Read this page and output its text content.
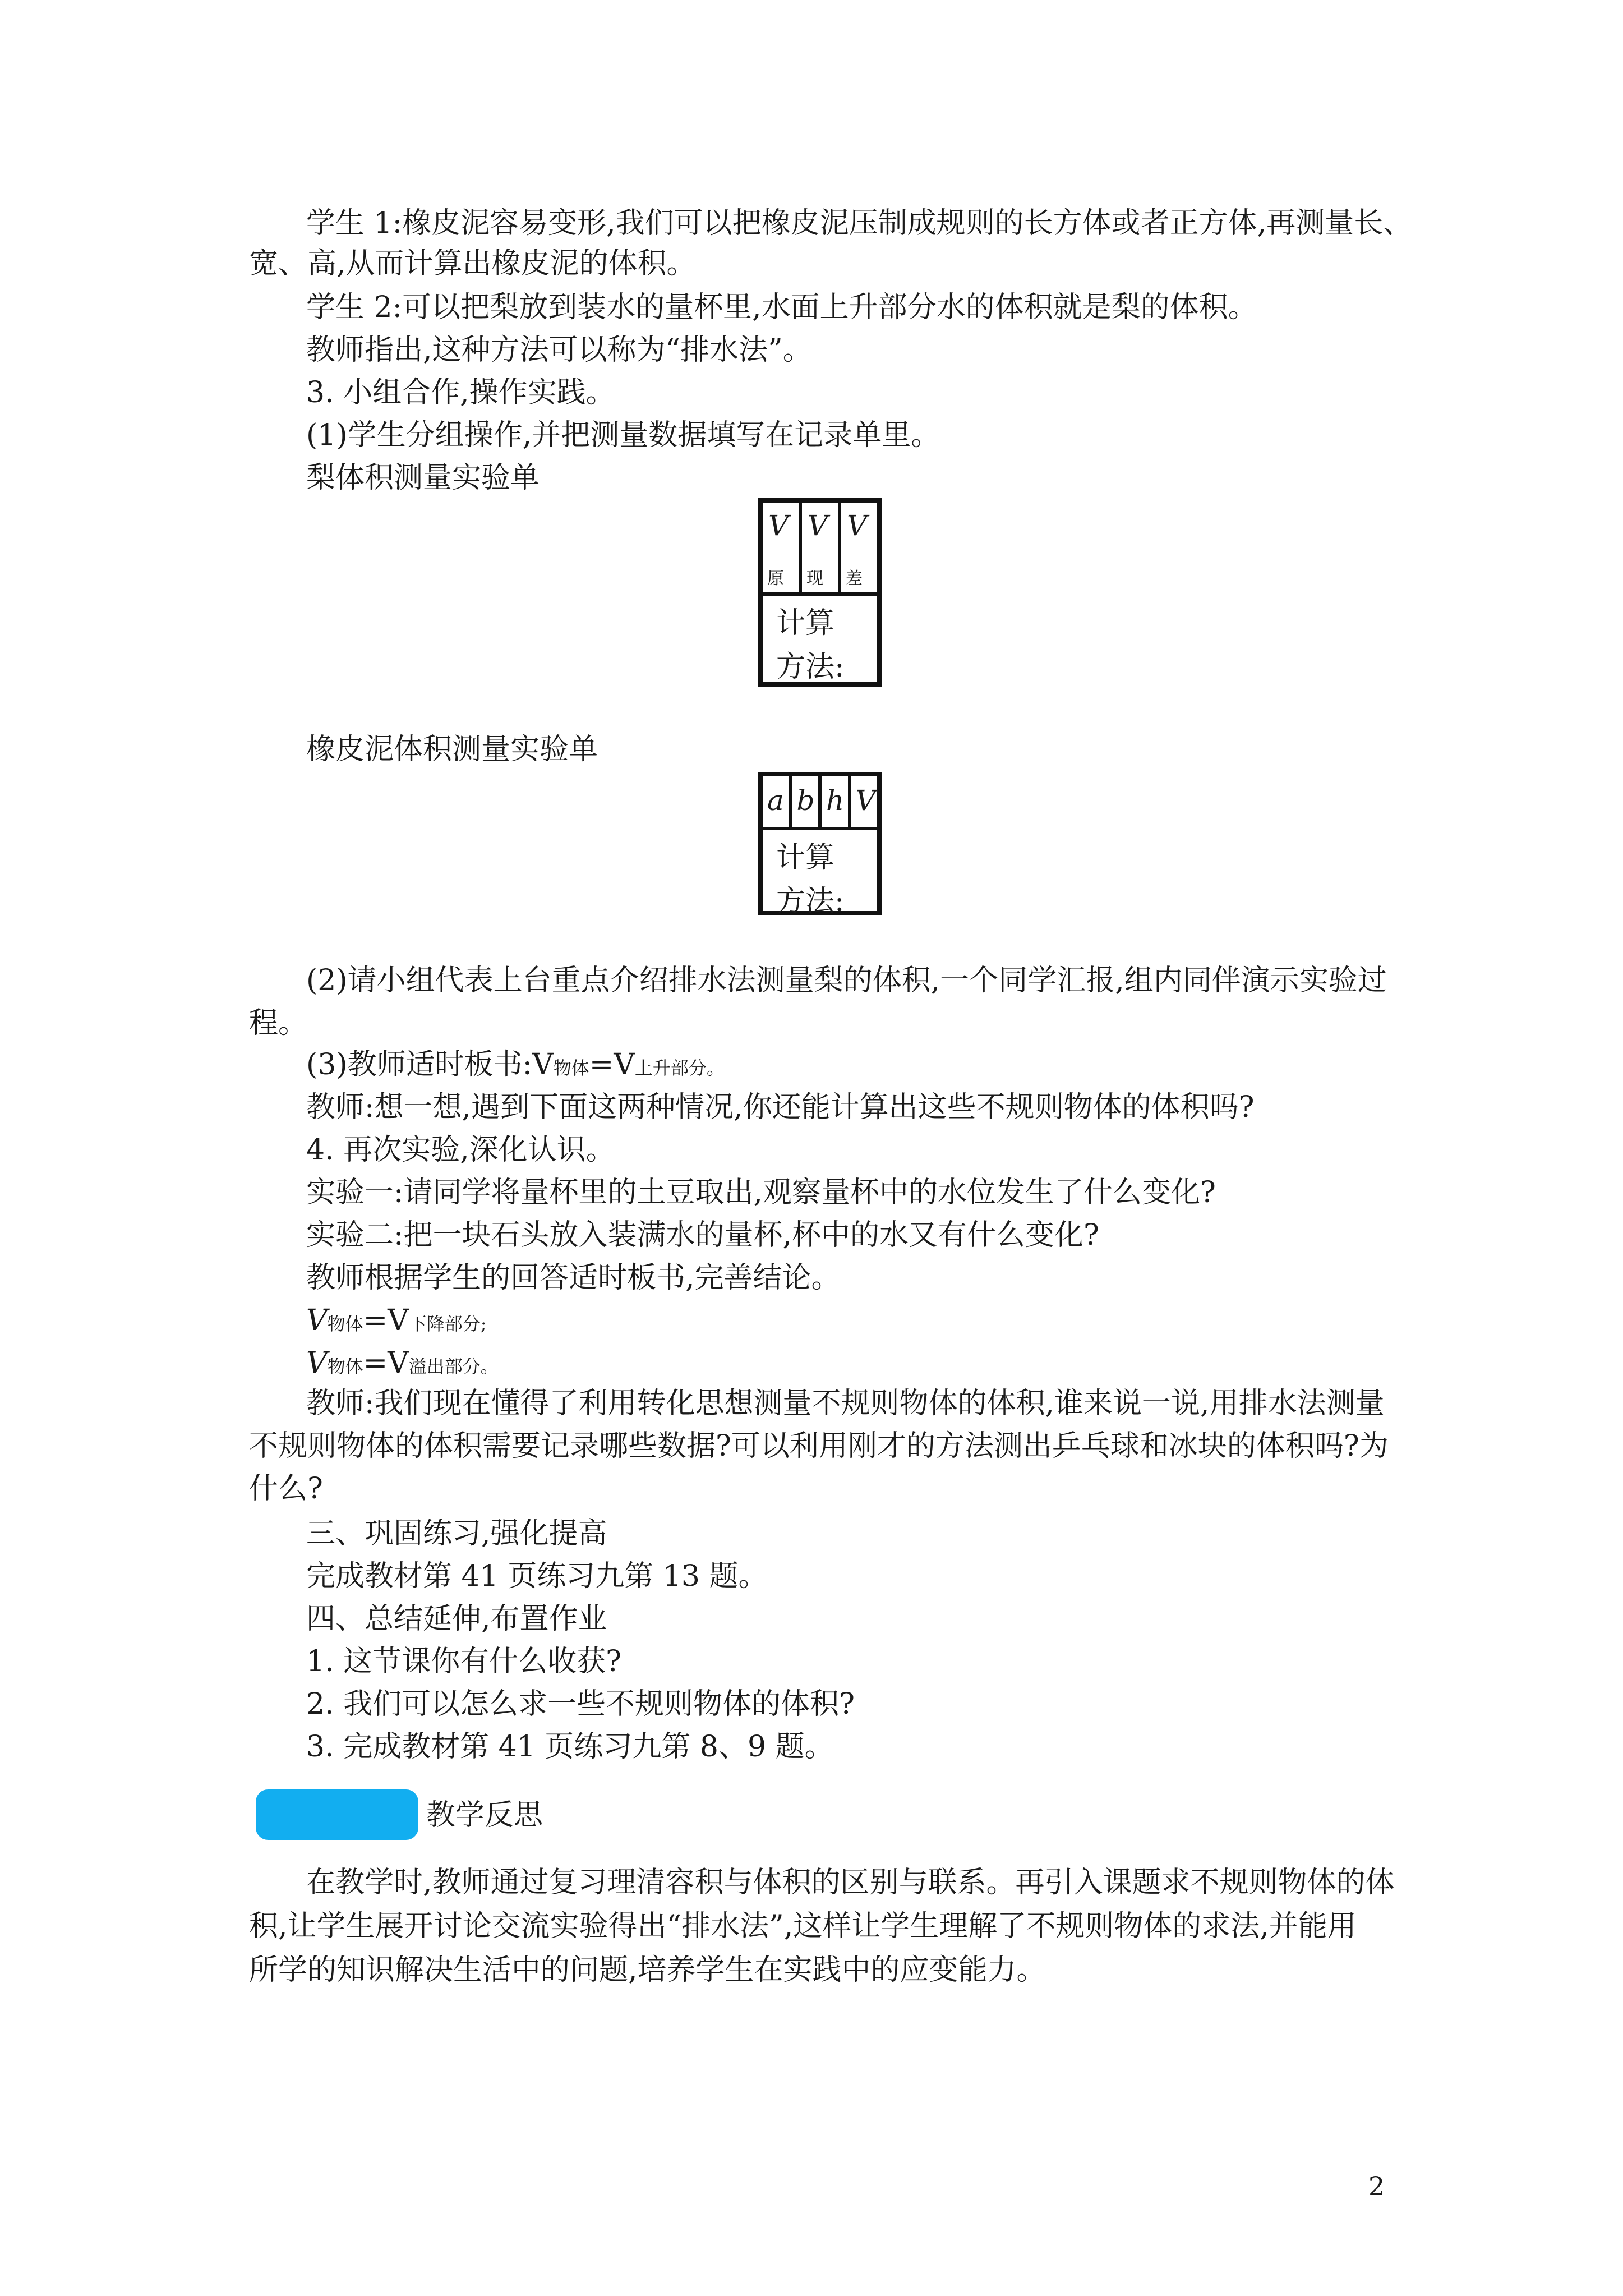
学生 1:橡皮泥容易变形,我们可以把橡皮泥压制成规则的长方体或者正方体,再测量长、
宽、高,从而计算出橡皮泥的体积。
学生 2:可以把梨放到装水的量杯里,水面上升部分水的体积就是梨的体积。
教师指出,这种方法可以称为“排水法”。
3. 小组合作,操作实践。
(1)学生分组操作,并把测量数据填写在记录单里。
梨体积测量实验单
V
原
V
现
V
差
计算
方法:
橡皮泥体积测量实验单
a b h V
计算
方法:
(2)请小组代表上台重点介绍排水法测量梨的体积,一个同学汇报,组内同伴演示实验过
程。
(3)教师适时板书:V物体=V上升部分。
教师:想一想,遇到下面这两种情况,你还能计算出这些不规则物体的体积吗?
4. 再次实验,深化认识。
实验一:请同学将量杯里的土豆取出,观察量杯中的水位发生了什么变化?
实验二:把一块石头放入装满水的量杯,杯中的水又有什么变化?
教师根据学生的回答适时板书,完善结论。
V物体=V下降部分;
V物体=V溢出部分。
教师:我们现在懂得了利用转化思想测量不规则物体的体积,谁来说一说,用排水法测量
不规则物体的体积需要记录哪些数据?可以利用刚才的方法测出乒乓球和冰块的体积吗?为
什么?
三、巩固练习,强化提高
完成教材第 41 页练习九第 13 题。
四、总结延伸,布置作业
1. 这节课你有什么收获?
2. 我们可以怎么求一些不规则物体的体积?
3. 完成教材第 41 页练习九第 8、9 题。
教学反思
在教学时,教师通过复习理清容积与体积的区别与联系。再引入课题求不规则物体的体
积,让学生展开讨论交流实验得出“排水法”,这样让学生理解了不规则物体的求法,并能用
所学的知识解决生活中的问题,培养学生在实践中的应变能力。
2
